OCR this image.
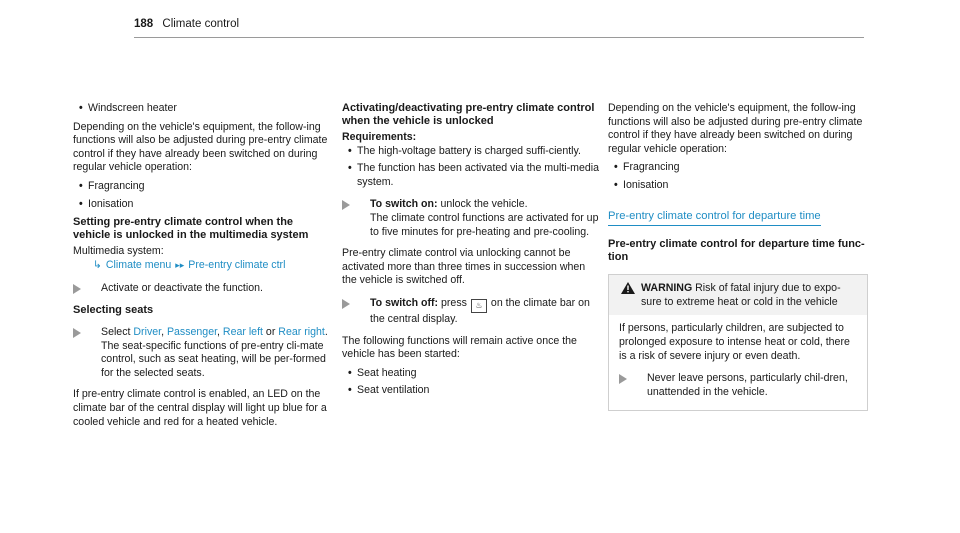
188 Climate control
• Windscreen heater

Depending on the vehicle's equipment, the follow-ing functions will also be adjusted during pre-entry climate control if they have already been switched on during regular vehicle operation:

• Fragrancing
• Ionisation
Setting pre-entry climate control when the vehicle is unlocked in the multimedia system
Multimedia system:
↳ Climate menu ▸▸ Pre-entry climate ctrl
Activate or deactivate the function.
Selecting seats
Select Driver, Passenger, Rear left or Rear right.
The seat-specific functions of pre-entry cli-mate control, such as seat heating, will be per-formed for the selected seats.

If pre-entry climate control is enabled, an LED on the climate bar of the central display will light up blue for a cooled vehicle and red for a heated vehicle.

Activating/deactivating pre-entry climate control when the vehicle is unlocked
Requirements:
• The high-voltage battery is charged suffi-ciently.
• The function has been activated via the multi-media system.
To switch on: unlock the vehicle.
The climate control functions are activated for up to five minutes for pre-heating and pre-cooling.

Pre-entry climate control via unlocking cannot be activated more than three times in succession when the vehicle is switched off.

To switch off: press ♨ on the climate bar on the central display.

The following functions will remain active once the vehicle has been started:

• Seat heating
• Seat ventilation

Depending on the vehicle's equipment, the follow-ing functions will also be adjusted during pre-entry climate control if they have already been switched on during regular vehicle operation:

• Fragrancing
• Ionisation
Pre-entry climate control for departure time
Pre-entry climate control for departure time func-tion
WARNING Risk of fatal injury due to expo-sure to extreme heat or cold in the vehicle
If persons, particularly children, are subjected to prolonged exposure to intense heat or cold, there is a risk of severe injury or even death.
Never leave persons, particularly chil-dren, unattended in the vehicle.
